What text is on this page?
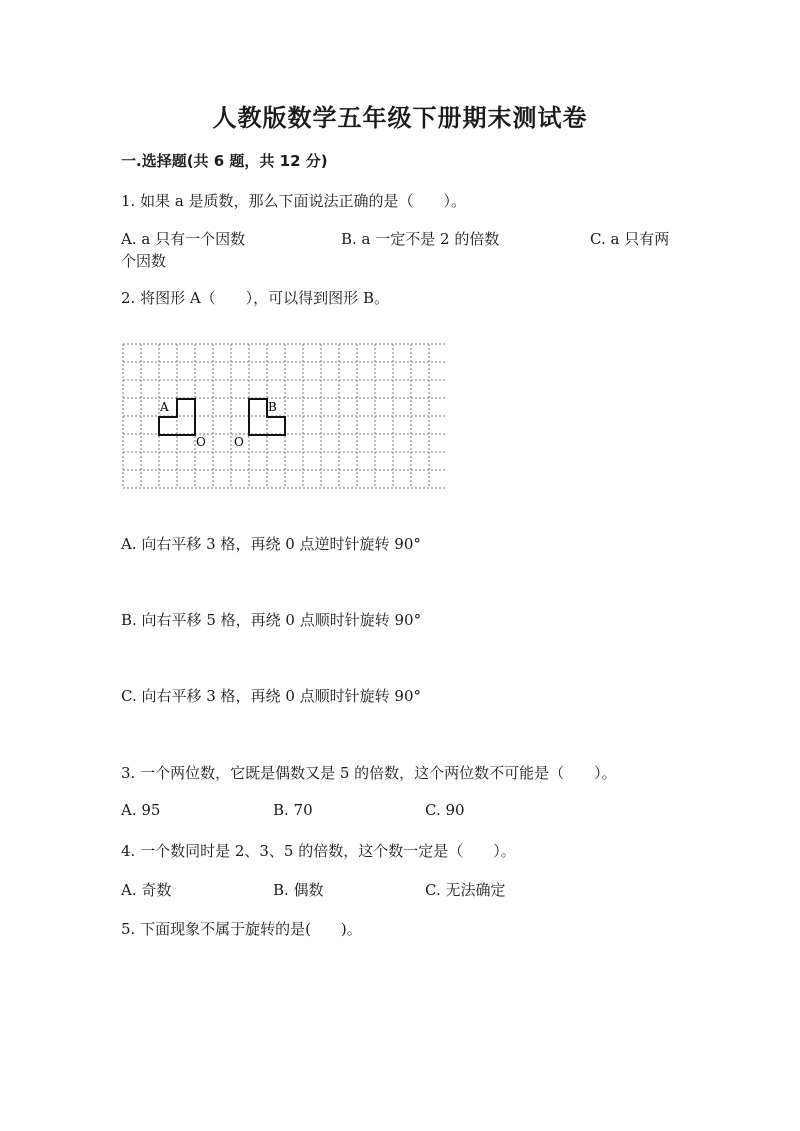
人教版数学五年级下册期末测试卷
一.选择题(共 6 题，共 12 分)
1. 如果 a 是质数，那么下面说法正确的是（　　）。
A. a 只有一个因数	B. a 一定不是 2 的倍数	C. a 只有两
个因数
2. 将图形 A（　　），可以得到图形 B。
A	B
O O
A. 向右平移 3 格，再绕 0 点逆时针旋转 90°
B. 向右平移 5 格，再绕 0 点顺时针旋转 90°
C. 向右平移 3 格，再绕 0 点顺时针旋转 90°
3. 一个两位数，它既是偶数又是 5 的倍数，这个两位数不可能是（　　）。
A. 95	B. 70	C. 90
4. 一个数同时是 2、3、5 的倍数，这个数一定是（　　）。
A. 奇数	B. 偶数	C. 无法确定
5. 下面现象不属于旋转的是(　　)。
